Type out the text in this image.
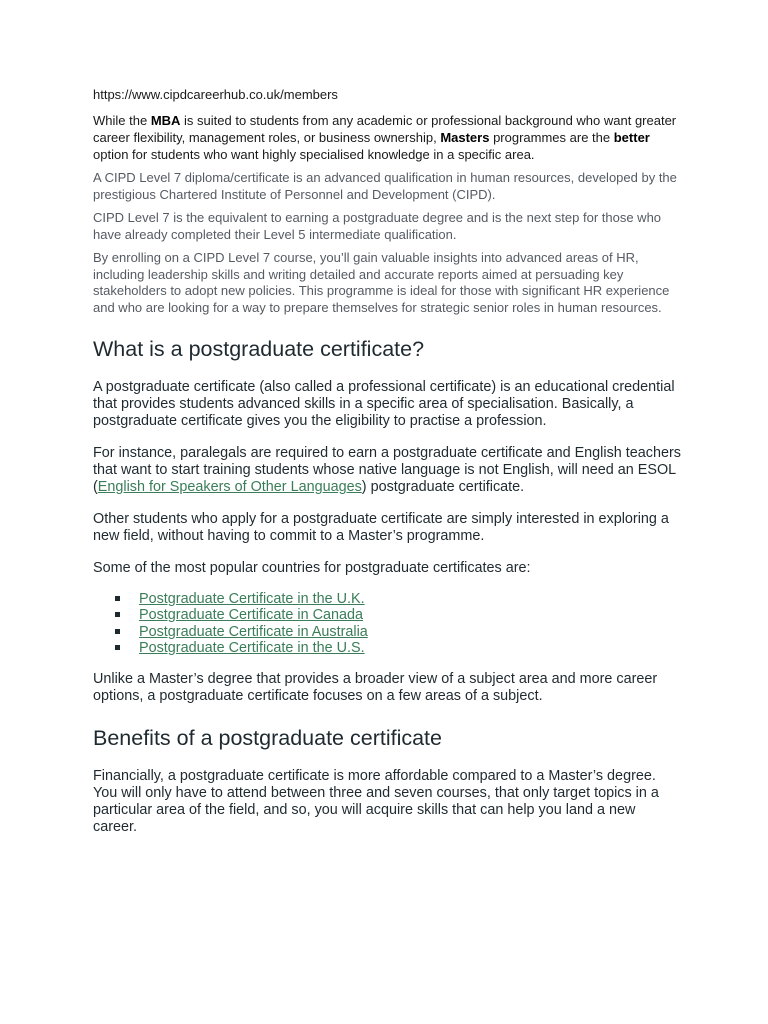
https://www.cipdcareerhub.co.uk/members

While the MBA is suited to students from any academic or professional background who want greater career flexibility, management roles, or business ownership, Masters programmes are the better option for students who want highly specialised knowledge in a specific area.

A CIPD Level 7 diploma/certificate is an advanced qualification in human resources, developed by the prestigious Chartered Institute of Personnel and Development (CIPD).

CIPD Level 7 is the equivalent to earning a postgraduate degree and is the next step for those who have already completed their Level 5 intermediate qualification.

By enrolling on a CIPD Level 7 course, you’ll gain valuable insights into advanced areas of HR, including leadership skills and writing detailed and accurate reports aimed at persuading key stakeholders to adopt new policies. This programme is ideal for those with significant HR experience and who are looking for a way to prepare themselves for strategic senior roles in human resources.

What is a postgraduate certificate?

A postgraduate certificate (also called a professional certificate) is an educational credential that provides students advanced skills in a specific area of specialisation. Basically, a postgraduate certificate gives you the eligibility to practise a profession.

For instance, paralegals are required to earn a postgraduate certificate and English teachers that want to start training students whose native language is not English, will need an ESOL (English for Speakers of Other Languages) postgraduate certificate.

Other students who apply for a postgraduate certificate are simply interested in exploring a new field, without having to commit to a Master’s programme.

Some of the most popular countries for postgraduate certificates are:

Postgraduate Certificate in the U.K.
Postgraduate Certificate in Canada
Postgraduate Certificate in Australia
Postgraduate Certificate in the U.S.

Unlike a Master’s degree that provides a broader view of a subject area and more career options, a postgraduate certificate focuses on a few areas of a subject.

Benefits of a postgraduate certificate

Financially, a postgraduate certificate is more affordable compared to a Master’s degree. You will only have to attend between three and seven courses, that only target topics in a particular area of the field, and so, you will acquire skills that can help you land a new career.
